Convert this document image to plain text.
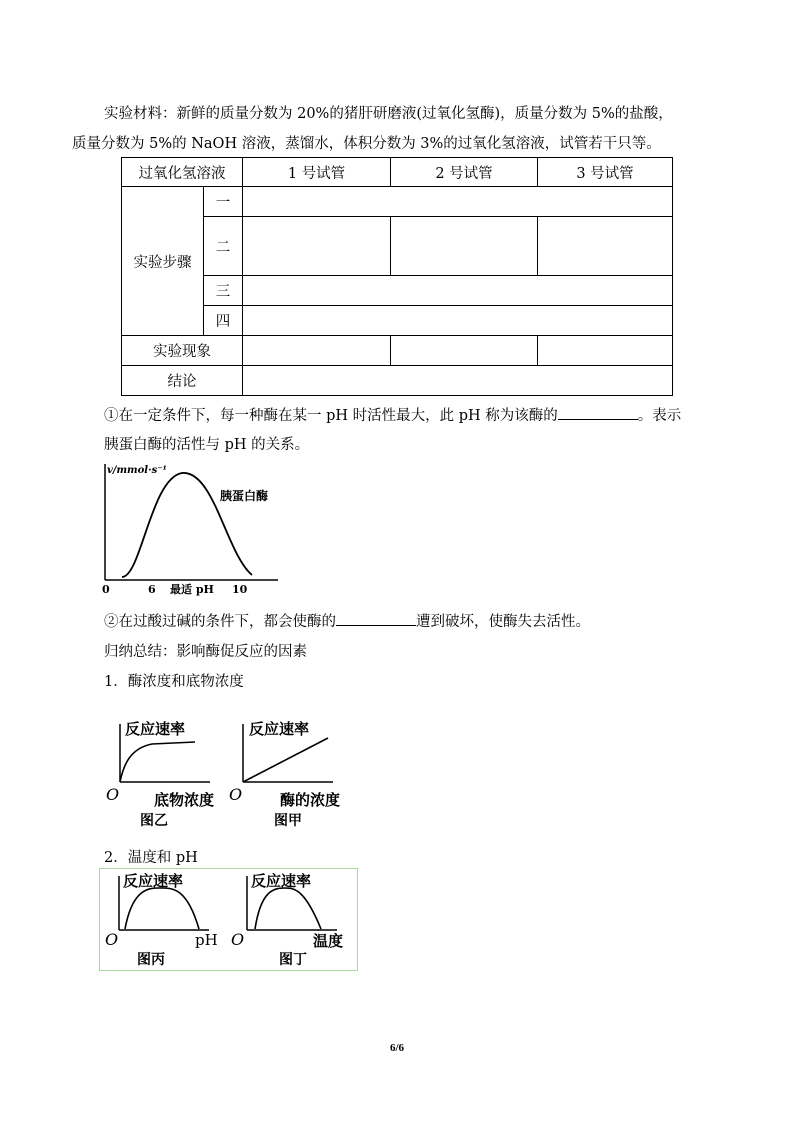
实验材料：新鲜的质量分数为 20%的猪肝研磨液(过氧化氢酶)，质量分数为 5%的盐酸，
质量分数为 5%的 NaOH 溶液，蒸馏水，体积分数为 3%的过氧化氢溶液，试管若干只等。
过氧化氢溶液		1 号试管	2 号试管	3 号试管
实验步骤	一			
	二			
	三			
	四			
实验现象				
结论				
①在一定条件下，每一种酶在某一 pH 时活性最大，此 pH 称为该酶的	。表示
胰蛋白酶的活性与 pH 的关系。
v/mmol·s⁻¹
胰蛋白酶
0	6 最适 pH 10
②在过酸过碱的条件下，都会使酶的	遭到破坏，使酶失去活性。
归纳总结：影响酶促反应的因素
1．酶浓度和底物浓度
反应速率
O 底物浓度
图乙
反应速率
O	酶的浓度
图甲
2．温度和 pH
反应速率
O	pH
图丙
反应速率
O	温度
图丁
6/6
